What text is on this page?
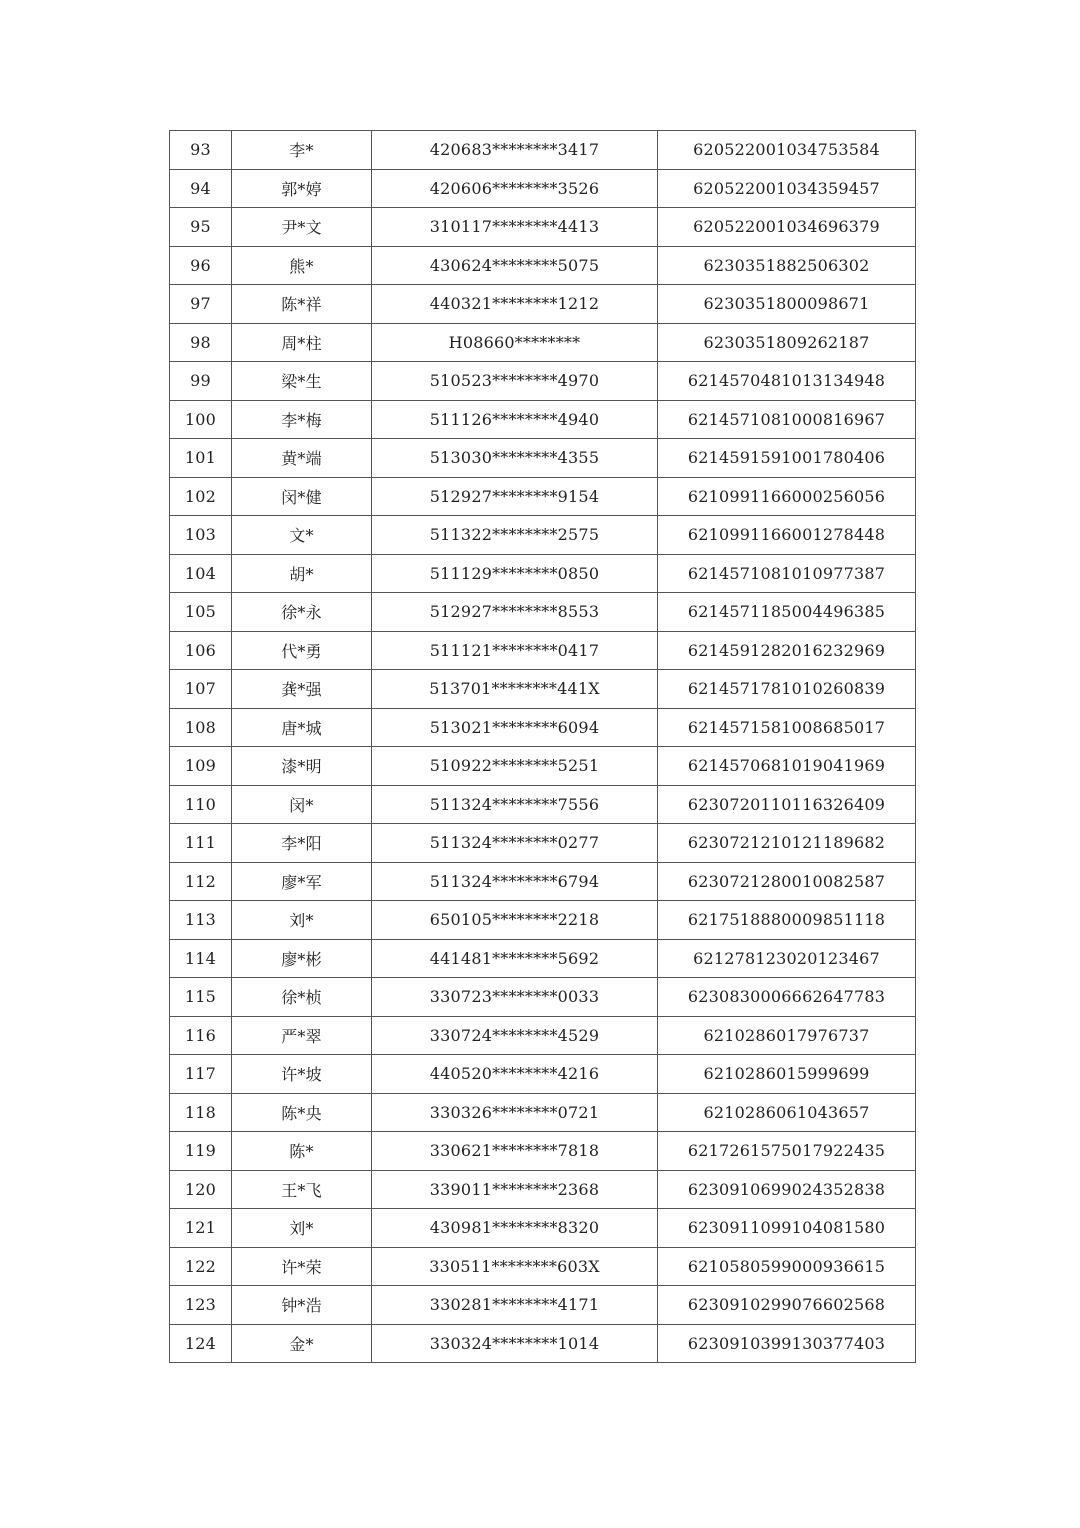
93	李*	420683********3417	620522001034753584
94	郭*婷	420606********3526	620522001034359457
95	尹*文	310117********4413	620522001034696379
96	熊*	430624********5075	6230351882506302
97	陈*祥	440321********1212	6230351800098671
98	周*柱	H08660********	6230351809262187
99	梁*生	510523********4970	6214570481013134948
100	李*梅	511126********4940	6214571081000816967
101	黄*端	513030********4355	6214591591001780406
102	闵*健	512927********9154	6210991166000256056
103	文*	511322********2575	6210991166001278448
104	胡*	511129********0850	6214571081010977387
105	徐*永	512927********8553	6214571185004496385
106	代*勇	511121********0417	6214591282016232969
107	龚*强	513701********441X	6214571781010260839
108	唐*城	513021********6094	6214571581008685017
109	漆*明	510922********5251	6214570681019041969
110	闵*	511324********7556	6230720110116326409
111	李*阳	511324********0277	6230721210121189682
112	廖*军	511324********6794	6230721280010082587
113	刘*	650105********2218	6217518880009851118
114	廖*彬	441481********5692	621278123020123467
115	徐*桢	330723********0033	6230830006662647783
116	严*翠	330724********4529	6210286017976737
117	许*坡	440520********4216	6210286015999699
118	陈*央	330326********0721	6210286061043657
119	陈*	330621********7818	6217261575017922435
120	王*飞	339011********2368	6230910699024352838
121	刘*	430981********8320	6230911099104081580
122	许*荣	330511********603X	6210580599000936615
123	钟*浩	330281********4171	6230910299076602568
124	金*	330324********1014	6230910399130377403
